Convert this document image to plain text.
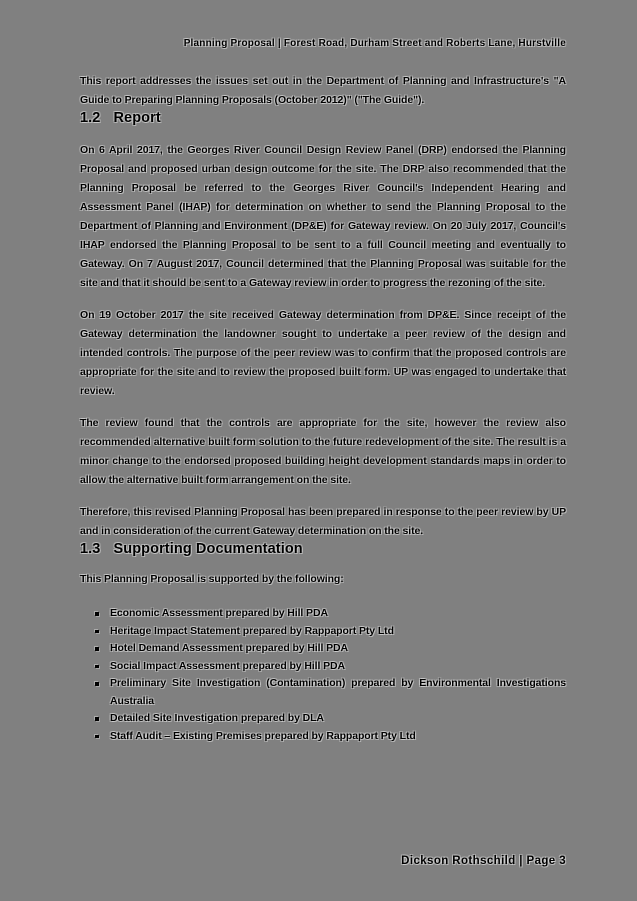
Planning Proposal | Forest Road, Durham Street and Roberts Lane, Hurstville

This report addresses the issues set out in the Department of Planning and Infrastructure's "A Guide to Preparing Planning Proposals (October 2012)" ("The Guide").

1.2 Report

On 6 April 2017, the Georges River Council Design Review Panel (DRP) endorsed the Planning Proposal and proposed urban design outcome for the site. The DRP also recommended that the Planning Proposal be referred to the Georges River Council's Independent Hearing and Assessment Panel (IHAP) for determination on whether to send the Planning Proposal to the Department of Planning and Environment (DP&E) for Gateway review. On 20 July 2017, Council's IHAP endorsed the Planning Proposal to be sent to a full Council meeting and eventually to Gateway. On 7 August 2017, Council determined that the Planning Proposal was suitable for the site and that it should be sent to a Gateway review in order to progress the rezoning of the site.

On 19 October 2017 the site received Gateway determination from DP&E. Since receipt of the Gateway determination the landowner sought to undertake a peer review of the design and intended controls. The purpose of the peer review was to confirm that the proposed controls are appropriate for the site and to review the proposed built form. UP was engaged to undertake that review.

The review found that the controls are appropriate for the site, however the review also recommended alternative built form solution to the future redevelopment of the site. The result is a minor change to the endorsed proposed building height development standards maps in order to allow the alternative built form arrangement on the site.

Therefore, this revised Planning Proposal has been prepared in response to the peer review by UP and in consideration of the current Gateway determination on the site.

1.3 Supporting Documentation

This Planning Proposal is supported by the following:

Economic Assessment prepared by Hill PDA
Heritage Impact Statement prepared by Rappaport Pty Ltd
Hotel Demand Assessment prepared by Hill PDA
Social Impact Assessment prepared by Hill PDA
Preliminary Site Investigation (Contamination) prepared by Environmental Investigations Australia
Detailed Site Investigation prepared by DLA
Staff Audit – Existing Premises prepared by Rappaport Pty Ltd
Dickson Rothschild | Page 3
